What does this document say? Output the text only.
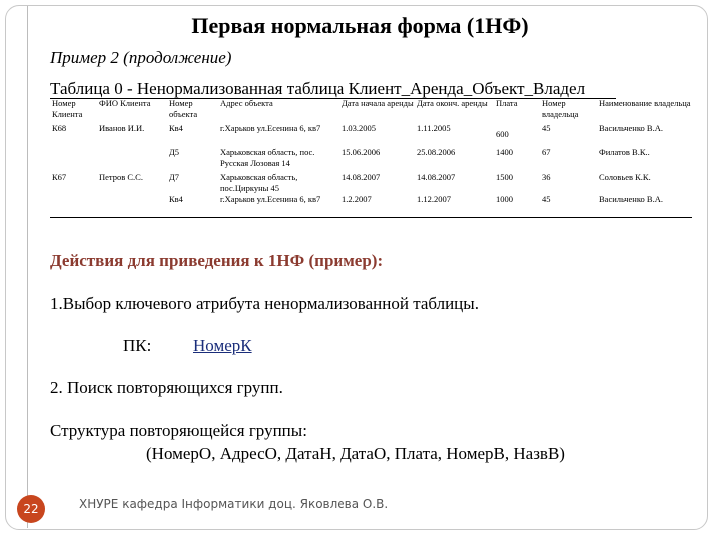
Первая нормальная форма (1НФ)
Пример 2 (продолжение)
Таблица 0 - Ненормализованная таблица Клиент_Аренда_Объект_Владел
Номер Клиента	ФИО Клиента	Номер объекта	Адрес объекта	Дата начала аренды	Дата оконч. аренды	Плата	Номер владельца	Наименование владельца
К68	Иванов И.И.	Кв4	г.Харьков ул.Есенина 6, кв7	1.03.2005	1.11.2005	600	45	Васильченко В.А.
		Д5	Харьковская область, пос. Русская Лозовая 14	15.06.2006	25.08.2006	1400	67	Филатов В.К..
К67	Петров С.С.	Д7	Харьковская область, пос.Циркуны 45	14.08.2007	14.08.2007	1500	36	Соловьев К.К.
		Кв4	г.Харьков ул.Есенина 6, кв7	1.2.2007	1.12.2007	1000	45	Васильченко В.А.
Действия для приведения к 1НФ (пример):
1.Выбор ключевого атрибута ненормализованной таблицы.
ПК: НомерК
2. Поиск повторяющихся групп.
Структура повторяющейся группы:
(НомерО, АдресО, ДатаН, ДатаО, Плата, НомерВ, НазвВ)
22	ХНУРЕ кафедра Інформатики доц. Яковлева О.В.
